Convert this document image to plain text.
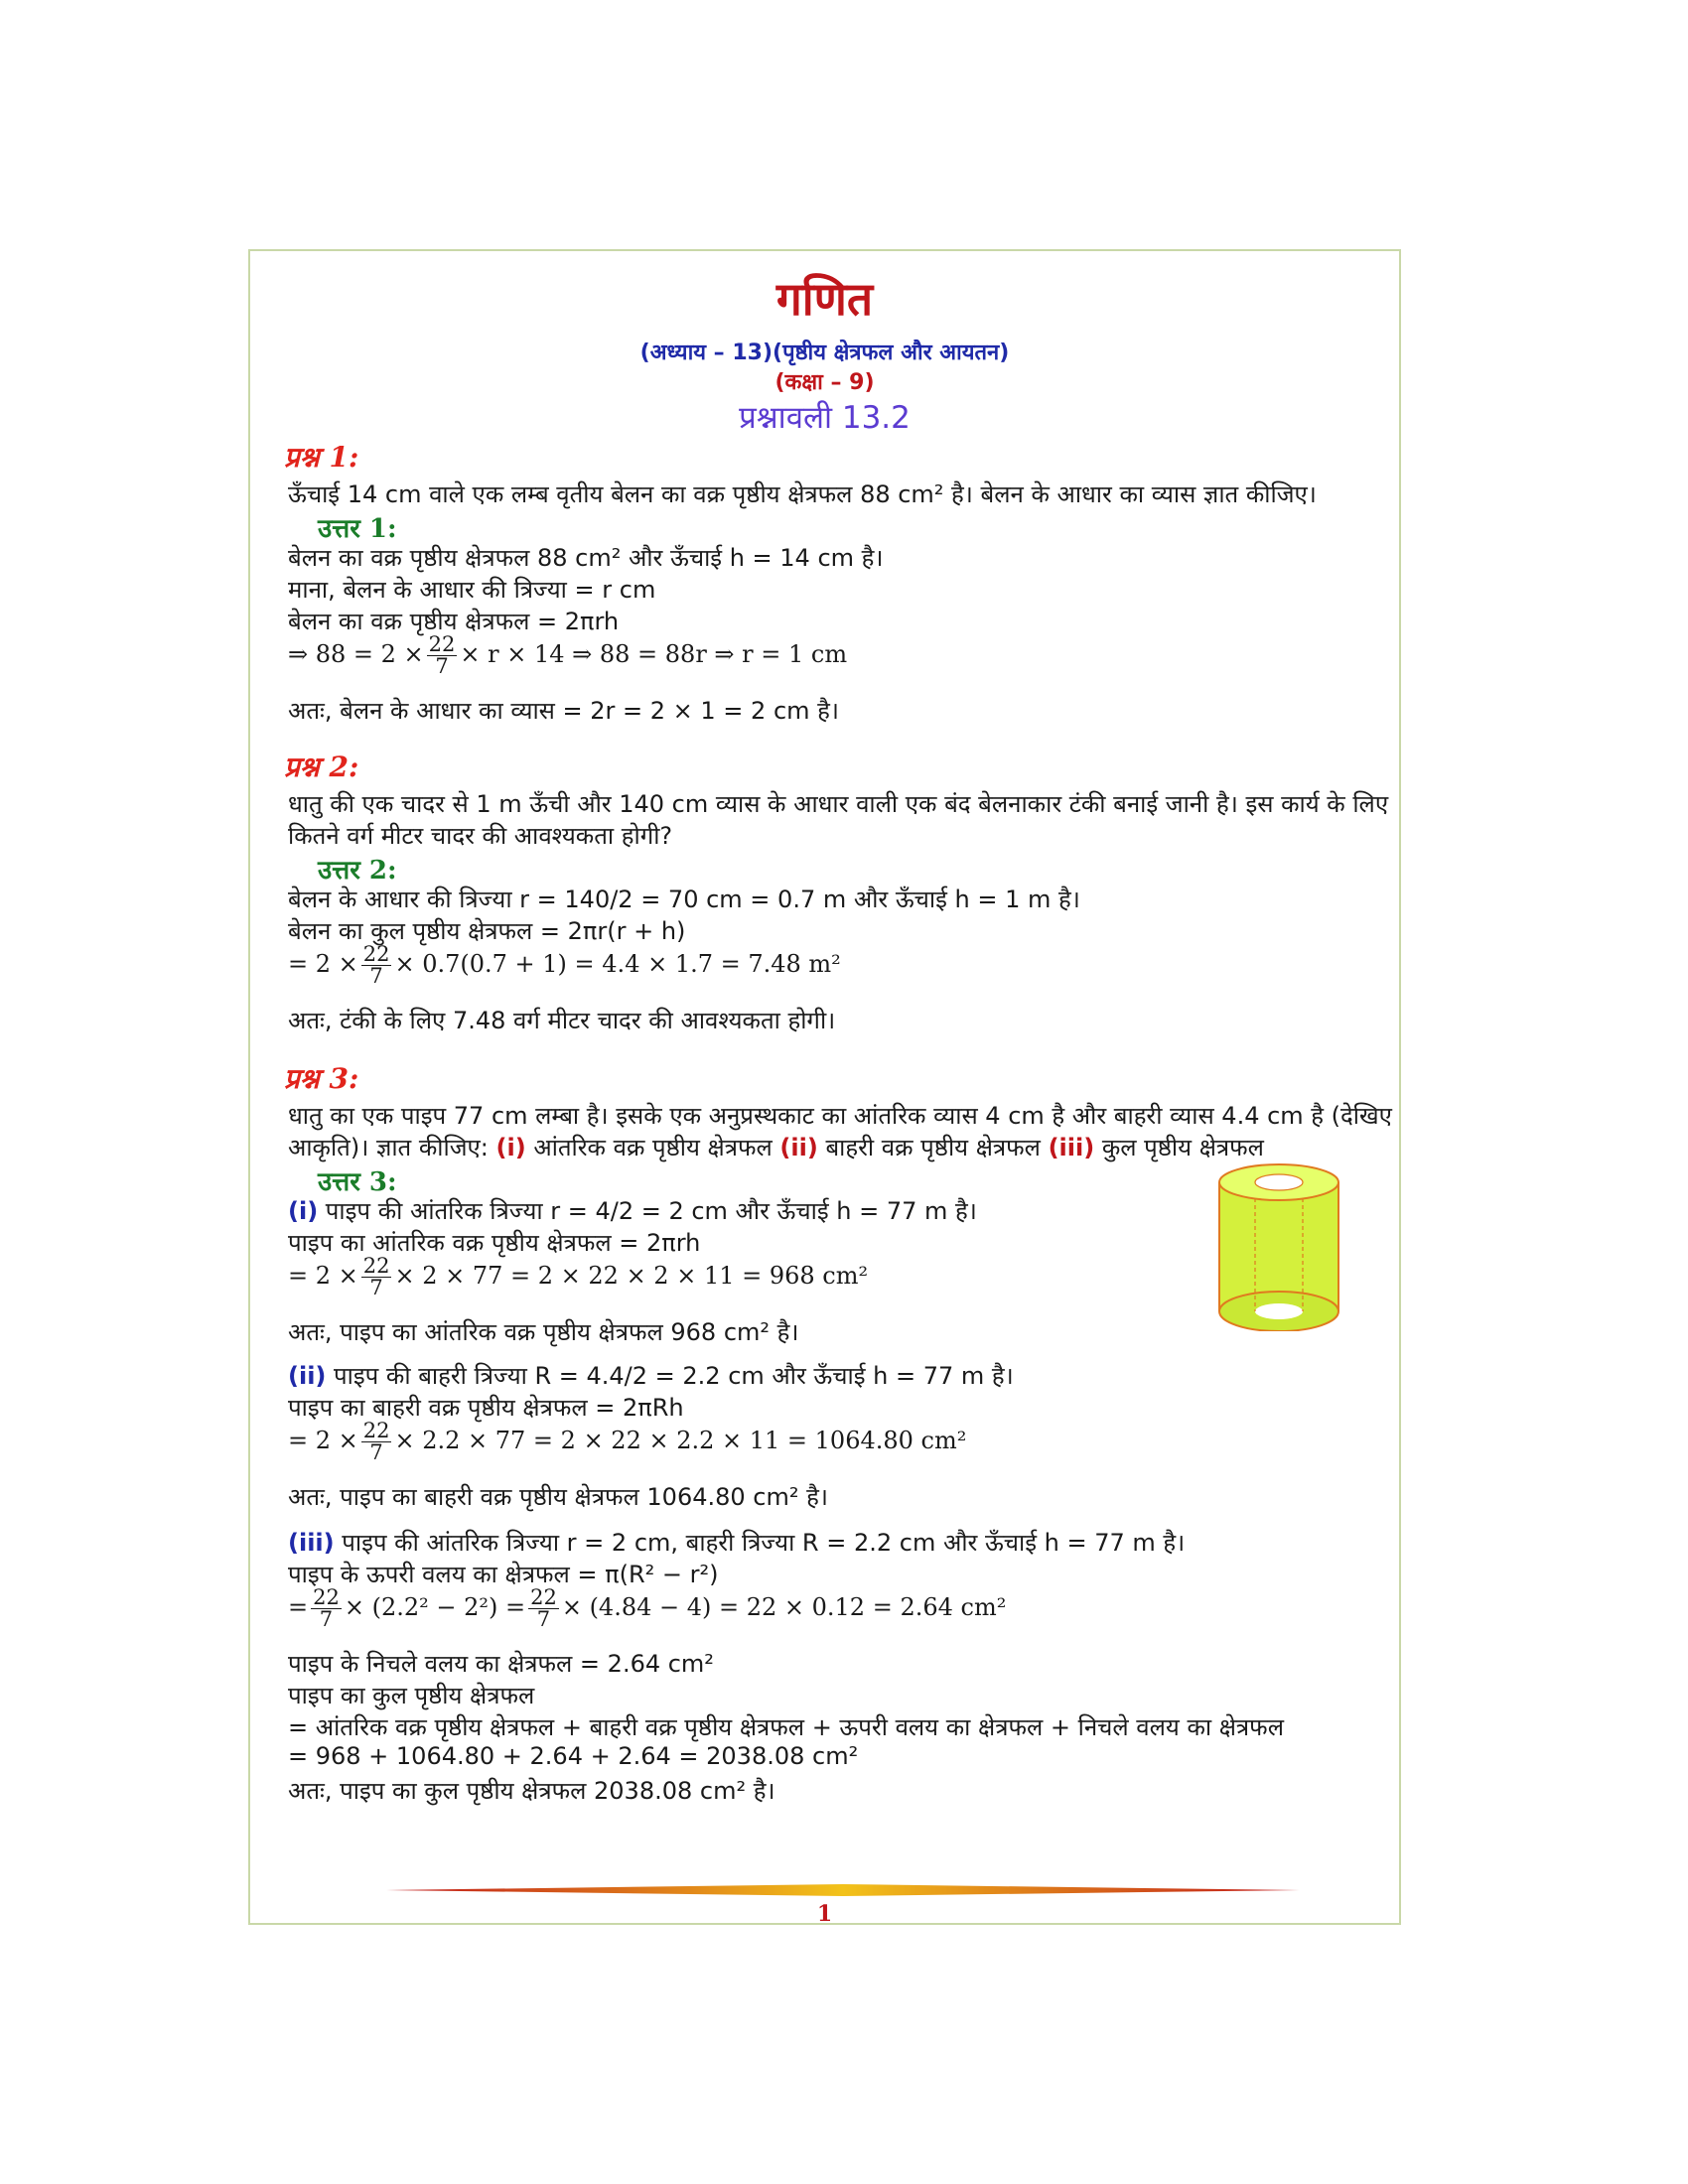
गणित
(अध्याय – 13)(पृष्ठीय क्षेत्रफल और आयतन)
(कक्षा – 9)
प्रश्नावली 13.2
प्रश्न 1:
ऊँचाई 14 cm वाले एक लम्ब वृतीय बेलन का वक्र पृष्ठीय क्षेत्रफल 88 cm² है। बेलन के आधार का व्यास ज्ञात कीजिए।
उत्तर 1:
बेलन का वक्र पृष्ठीय क्षेत्रफल 88 cm² और ऊँचाई h = 14 cm है।
माना, बेलन के आधार की त्रिज्या = r cm
बेलन का वक्र पृष्ठीय क्षेत्रफल = 2πrh
⇒ $88 = 2 \times \frac{22}{7} \times r \times 14$ ⇒ 88 = 88r ⇒ r = 1 cm
अतः, बेलन के आधार का व्यास = 2r = 2 × 1 = 2 cm है।
प्रश्न 2:
धातु की एक चादर से 1 m ऊँची और 140 cm व्यास के आधार वाली एक बंद बेलनाकार टंकी बनाई जानी है। इस कार्य के लिए
कितने वर्ग मीटर चादर की आवश्यकता होगी?
उत्तर 2:
बेलन के आधार की त्रिज्या r = 140/2 = 70 cm = 0.7 m और ऊँचाई h = 1 m है।
बेलन का कुल पृष्ठीय क्षेत्रफल = 2πr(r + h)
= $2 \times \frac{22}{7} \times 0.7(0.7 + 1) = 4.4 \times 1.7 = 7.48$ m²
अतः, टंकी के लिए 7.48 वर्ग मीटर चादर की आवश्यकता होगी।
प्रश्न 3:
धातु का एक पाइप 77 cm लम्बा है। इसके एक अनुप्रस्थकाट का आंतरिक व्यास 4 cm है और बाहरी व्यास 4.4 cm है (देखिए
आकृति)। ज्ञात कीजिए: (i) आंतरिक वक्र पृष्ठीय क्षेत्रफल (ii) बाहरी वक्र पृष्ठीय क्षेत्रफल (iii) कुल पृष्ठीय क्षेत्रफल
उत्तर 3:
(i) पाइप की आंतरिक त्रिज्या r = 4/2 = 2 cm और ऊँचाई h = 77 m है।
पाइप का आंतरिक वक्र पृष्ठीय क्षेत्रफल = 2πrh
= $2 \times \frac{22}{7} \times 2 \times 77 = 2 \times 22 \times 2 \times 11 = 968$ cm²
अतः, पाइप का आंतरिक वक्र पृष्ठीय क्षेत्रफल 968 cm² है।
(ii) पाइप की बाहरी त्रिज्या R = 4.4/2 = 2.2 cm और ऊँचाई h = 77 m है।
पाइप का बाहरी वक्र पृष्ठीय क्षेत्रफल = 2πRh
= $2 \times \frac{22}{7} \times 2.2 \times 77 = 2 \times 22 \times 2.2 \times 11 = 1064.80$ cm²
अतः, पाइप का बाहरी वक्र पृष्ठीय क्षेत्रफल 1064.80 cm² है।
(iii) पाइप की आंतरिक त्रिज्या r = 2 cm, बाहरी त्रिज्या R = 2.2 cm और ऊँचाई h = 77 m है।
पाइप के ऊपरी वलय का क्षेत्रफल = π(R² − r²)
= $\frac{22}{7} \times (2.2^2 - 2^2) = \frac{22}{7} \times (4.84 - 4) = 22 \times 0.12 = 2.64$ cm²
पाइप के निचले वलय का क्षेत्रफल = 2.64 cm²
पाइप का कुल पृष्ठीय क्षेत्रफल
= आंतरिक वक्र पृष्ठीय क्षेत्रफल + बाहरी वक्र पृष्ठीय क्षेत्रफल + ऊपरी वलय का क्षेत्रफल + निचले वलय का क्षेत्रफल
= 968 + 1064.80 + 2.64 + 2.64 = 2038.08 cm²
अतः, पाइप का कुल पृष्ठीय क्षेत्रफल 2038.08 cm² है।
1
